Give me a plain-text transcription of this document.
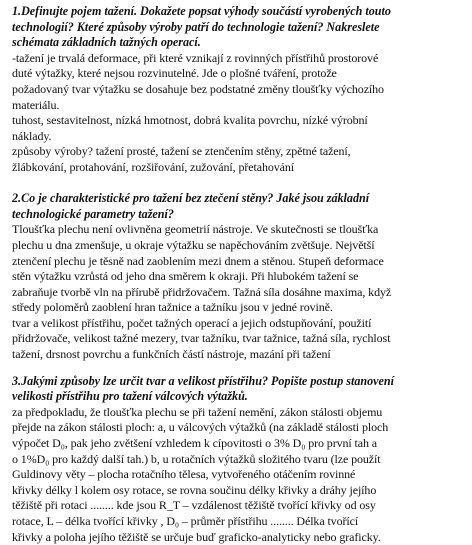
1.Definujte pojem tažení. Dokažete popsat výhody součástí vyrobených touto

technologií? Které způsoby výroby patří do technologie tažení? Nakreslete

schémata základních tažných operací.

-tažení je trvalá deformace, při které vznikají z rovinných přístřihů prostorové

duté výtažky, které nejsou rozvinutelné. Jde o plošné tváření, protože

požadovaný tvar výtažku se dosahuje bez podstatné změny tloušťky výchozího

materiálu.

tuhost, sestavitelnost, nízká hmotnost, dobrá kvalita povrchu, nízké výrobní

náklady.

způsoby výroby? tažení prosté, tažení se ztenčením stěny, zpětné tažení,

žlábkování, protahování, rozšiřování, zužování, přetahování

2.Co je charakteristické pro tažení bez ztečení stěny? Jaké jsou základní

technologické parametry tažení?

Tloušťka plechu není ovlivněna geometrií nástroje. Ve skutečnosti se tloušťka

plechu u dna zmenšuje, u okraje výtažku se napěchováním zvětšuje. Největší

ztenčení plechu je těsně nad zaoblením mezi dnem a stěnou. Stupeň deformace

stěn výtažku vzrůstá od jeho dna směrem k okraji. Při hlubokém tažení se

zabraňuje tvorbě vln na přírubě přidržovačem. Tažná síla dosáhne maxima, když

středy poloměrů zaoblení hran tažnice a tažníku jsou v jedné rovině.

tvar a velikost přístřihu, počet tažných operací a jejich odstupňování, použití

přidržovače, velikost tažné mezery, tvar tažníku, tvar tažnice, tažná síla, rychlost

tažení, drsnost povrchu a funkčních částí nástroje, mazání při tažení

3.Jakými způsoby lze určit tvar a velikost přístřihu? Popište postup stanovení

velikosti přístřihu pro tažení válcových výtažků.

za předpokladu, že tloušťka plechu se při tažení nemění, zákon stálosti objemu

přejde na zákon stálosti ploch: a, u válcových výtažků (na základě stálosti ploch

výpočet D₀, pak jeho zvětšení vzhledem k cípovitosti o 3% D₀ pro první tah a

o 1%D₀ pro každý další tah.) b, u rotačních výtažků složitého tvaru (lze použít

Guldinovy věty – plocha rotačního tělesa, vytvořeného otáčením rovinné

křivky délky l kolem osy rotace, se rovna součinu délky křivky a dráhy jejího

těžiště při rotaci ........ kde jsou R_T – vzdálenost těžiště tvořící křivky od osy

rotace, L – délka tvořící křivky , D₀ – průměr přístřihu ........ Délka tvořící

křivky a poloha jejího těžiště se určuje buď graficko-analyticky nebo graficky.
